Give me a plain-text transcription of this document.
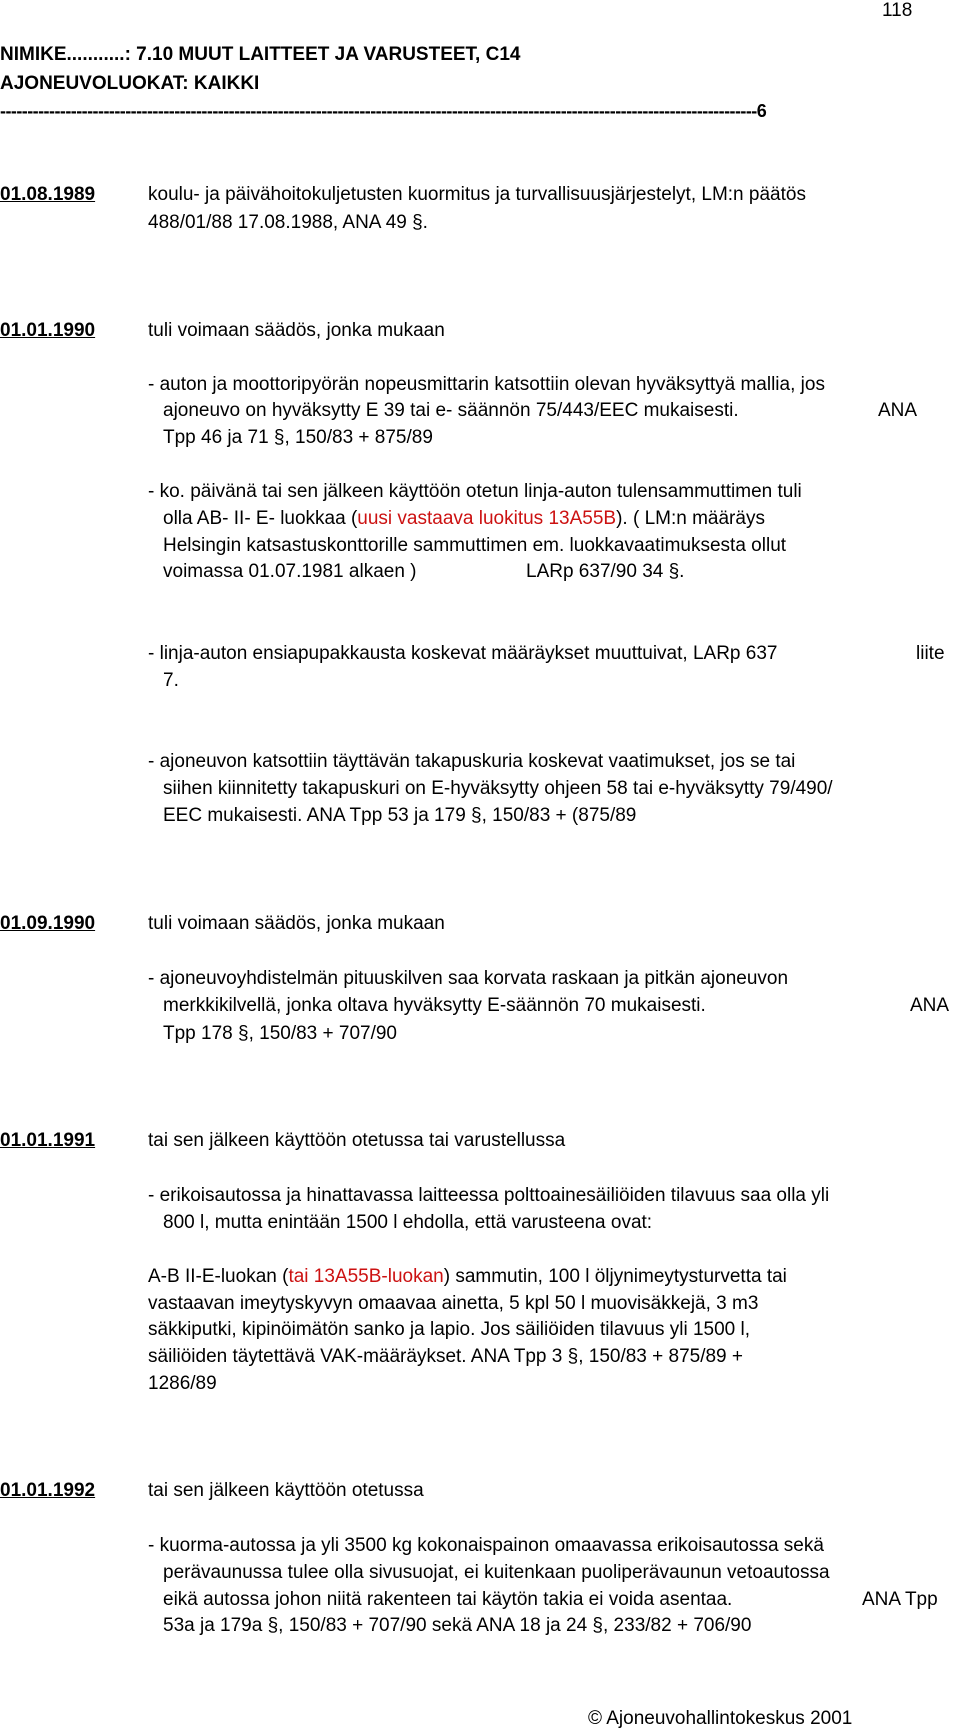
118
NIMIKE...........: 7.10 MUUT LAITTEET JA VARUSTEET, C14
AJONEUVOLUOKAT: KAIKKI
-------------------------------------------------------------------------------------------------------------------------------------------6
01.08.1989	koulu- ja päivähoitokuljetusten kuormitus ja turvallisuusjärjestelyt, LM:n päätös
488/01/88 17.08.1988, ANA 49 §.
01.01.1990	tuli voimaan säädös, jonka mukaan
- auton ja moottoripyörän nopeusmittarin katsottiin olevan hyväksyttyä mallia, jos
ajoneuvo on hyväksytty E 39 tai e- säännön 75/443/EEC mukaisesti.	ANA
Tpp 46 ja 71 §, 150/83 + 875/89
- ko. päivänä tai sen jälkeen käyttöön otetun linja-auton tulensammuttimen tuli
olla AB- II- E- luokkaa (uusi vastaava luokitus 13A55B). ( LM:n määräys
Helsingin katsastuskonttorille sammuttimen em. luokkavaatimuksesta ollut
voimassa 01.07.1981 alkaen )	LARp 637/90 34 §.
- linja-auton ensiapupakkausta koskevat määräykset muuttuivat, LARp 637	liite
7.
- ajoneuvon katsottiin täyttävän takapuskuria koskevat vaatimukset, jos se tai
siihen kiinnitetty takapuskuri on E-hyväksytty ohjeen 58 tai e-hyväksytty 79/490/
EEC mukaisesti. ANA Tpp 53 ja 179 §, 150/83 + (875/89
01.09.1990	tuli voimaan säädös, jonka mukaan
- ajoneuvoyhdistelmän pituuskilven saa korvata raskaan ja pitkän ajoneuvon
merkkikilvellä, jonka oltava hyväksytty E-säännön 70 mukaisesti.	ANA
Tpp 178 §, 150/83 + 707/90
01.01.1991	tai sen jälkeen käyttöön otetussa tai varustellussa
- erikoisautossa ja hinattavassa laitteessa polttoainesäiliöiden tilavuus saa olla yli
800 l, mutta enintään 1500 l ehdolla, että varusteena ovat:
A-B II-E-luokan (tai 13A55B-luokan) sammutin, 100 l öljynimeytysturvetta tai
vastaavan imeytyskyvyn omaavaa ainetta, 5 kpl 50 l muovisäkkejä, 3 m3
säkkiputki, kipinöimätön sanko ja lapio. Jos säiliöiden tilavuus yli 1500 l,
säiliöiden täytettävä VAK-määräykset. ANA Tpp 3 §, 150/83 + 875/89 +
1286/89
01.01.1992	tai sen jälkeen käyttöön otetussa
- kuorma-autossa ja yli 3500 kg kokonaispainon omaavassa erikoisautossa sekä
perävaunussa tulee olla sivusuojat, ei kuitenkaan puoliperävaunun vetoautossa
eikä autossa johon niitä rakenteen tai käytön takia ei voida asentaa.	ANA Tpp
53a ja 179a §, 150/83 + 707/90 sekä ANA 18 ja 24 §, 233/82 + 706/90
© Ajoneuvohallintokeskus 2001
